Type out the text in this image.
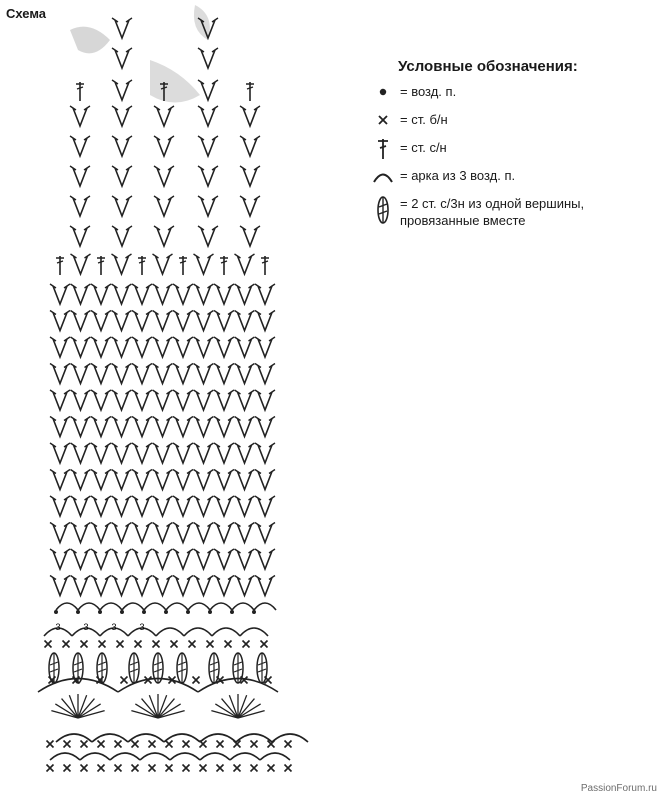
Схема
3	3	3	3
Условные обозначения:
= возд. п.
= ст. б/н
= ст. с/н
= арка из 3 возд. п.
= 2 ст. с/3н из одной вершины, провязанные вместе
PassionForum.ru
